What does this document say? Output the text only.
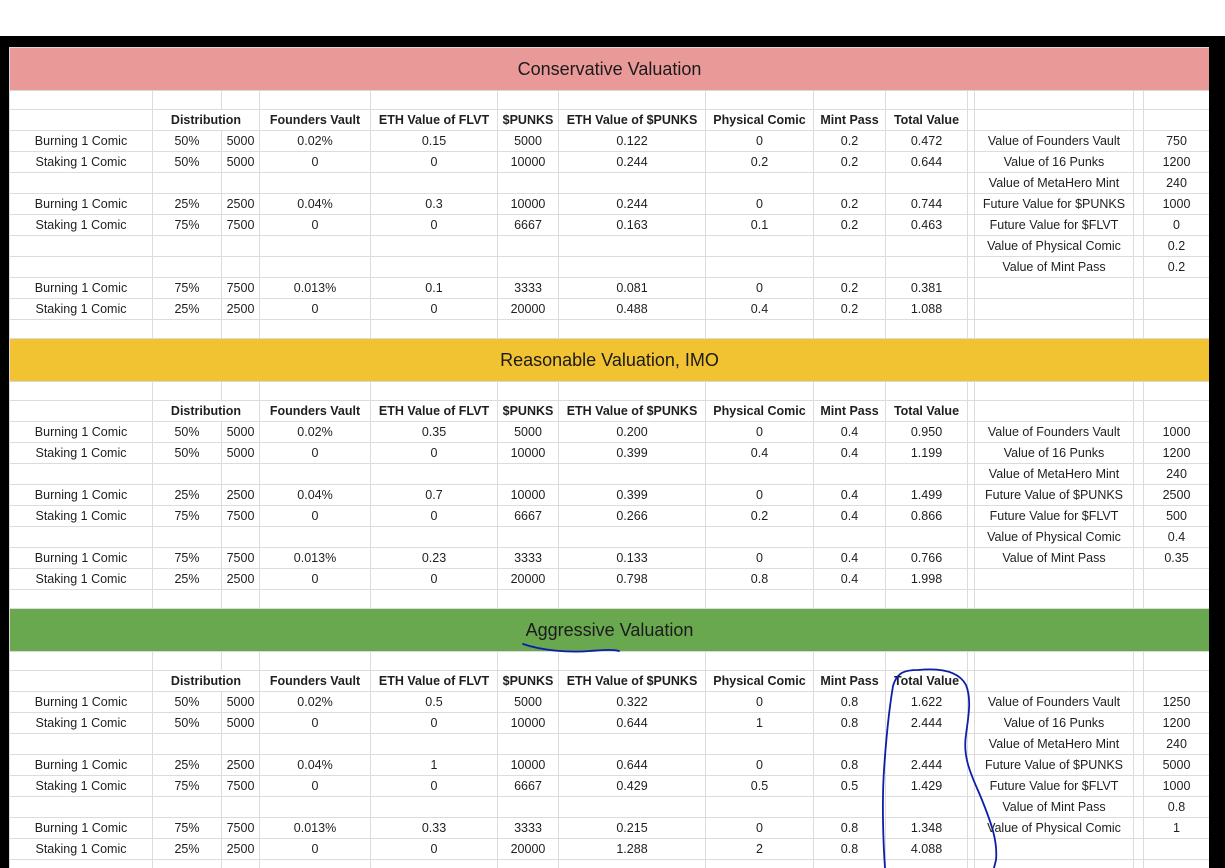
Conservative Valuation														

	Distribution		Founders Vault	ETH Value of FLVT	$PUNKS	ETH Value of $PUNKS	Physical Comic	Mint Pass	Total Value					
Burning 1 Comic	50%	5000	0.02%	0.15	5000	0.122	0	0.2	0.472		Value of Founders Vault		750	
Staking 1 Comic	50%	5000	0	0	10000	0.244	0.2	0.2	0.644		Value of 16 Punks		1200	
											Value of MetaHero Mint		240	
Burning 1 Comic	25%	2500	0.04%	0.3	10000	0.244	0	0.2	0.744		Future Value for $PUNKS		1000	
Staking 1 Comic	75%	7500	0	0	6667	0.163	0.1	0.2	0.463		Future Value for $FLVT		0	
											Value of Physical Comic		0.2	
											Value of Mint Pass		0.2	
Burning 1 Comic	75%	7500	0.013%	0.1	3333	0.081	0	0.2	0.381					
Staking 1 Comic	25%	2500	0	0	20000	0.488	0.4	0.2	1.088					

Reasonable Valuation, IMO														

	Distribution		Founders Vault	ETH Value of FLVT	$PUNKS	ETH Value of $PUNKS	Physical Comic	Mint Pass	Total Value					
Burning 1 Comic	50%	5000	0.02%	0.35	5000	0.200	0	0.4	0.950		Value of Founders Vault		1000	
Staking 1 Comic	50%	5000	0	0	10000	0.399	0.4	0.4	1.199		Value of 16 Punks		1200	
											Value of MetaHero Mint		240	
Burning 1 Comic	25%	2500	0.04%	0.7	10000	0.399	0	0.4	1.499		Future Value of $PUNKS		2500	
Staking 1 Comic	75%	7500	0	0	6667	0.266	0.2	0.4	0.866		Future Value for $FLVT		500	
											Value of Physical Comic		0.4	
Burning 1 Comic	75%	7500	0.013%	0.23	3333	0.133	0	0.4	0.766		Value of Mint Pass		0.35	
Staking 1 Comic	25%	2500	0	0	20000	0.798	0.8	0.4	1.998					

Aggressive Valuation														

	Distribution		Founders Vault	ETH Value of FLVT	$PUNKS	ETH Value of $PUNKS	Physical Comic	Mint Pass	Total Value					
Burning 1 Comic	50%	5000	0.02%	0.5	5000	0.322	0	0.8	1.622		Value of Founders Vault		1250	
Staking 1 Comic	50%	5000	0	0	10000	0.644	1	0.8	2.444		Value of 16 Punks		1200	
											Value of MetaHero Mint		240	
Burning 1 Comic	25%	2500	0.04%	1	10000	0.644	0	0.8	2.444		Future Value of $PUNKS		5000	
Staking 1 Comic	75%	7500	0	0	6667	0.429	0.5	0.5	1.429		Future Value for $FLVT		1000	
											Value of Mint Pass		0.8	
Burning 1 Comic	75%	7500	0.013%	0.33	3333	0.215	0	0.8	1.348		Value of Physical Comic		1	
Staking 1 Comic	25%	2500	0	0	20000	1.288	2	0.8	4.088					
